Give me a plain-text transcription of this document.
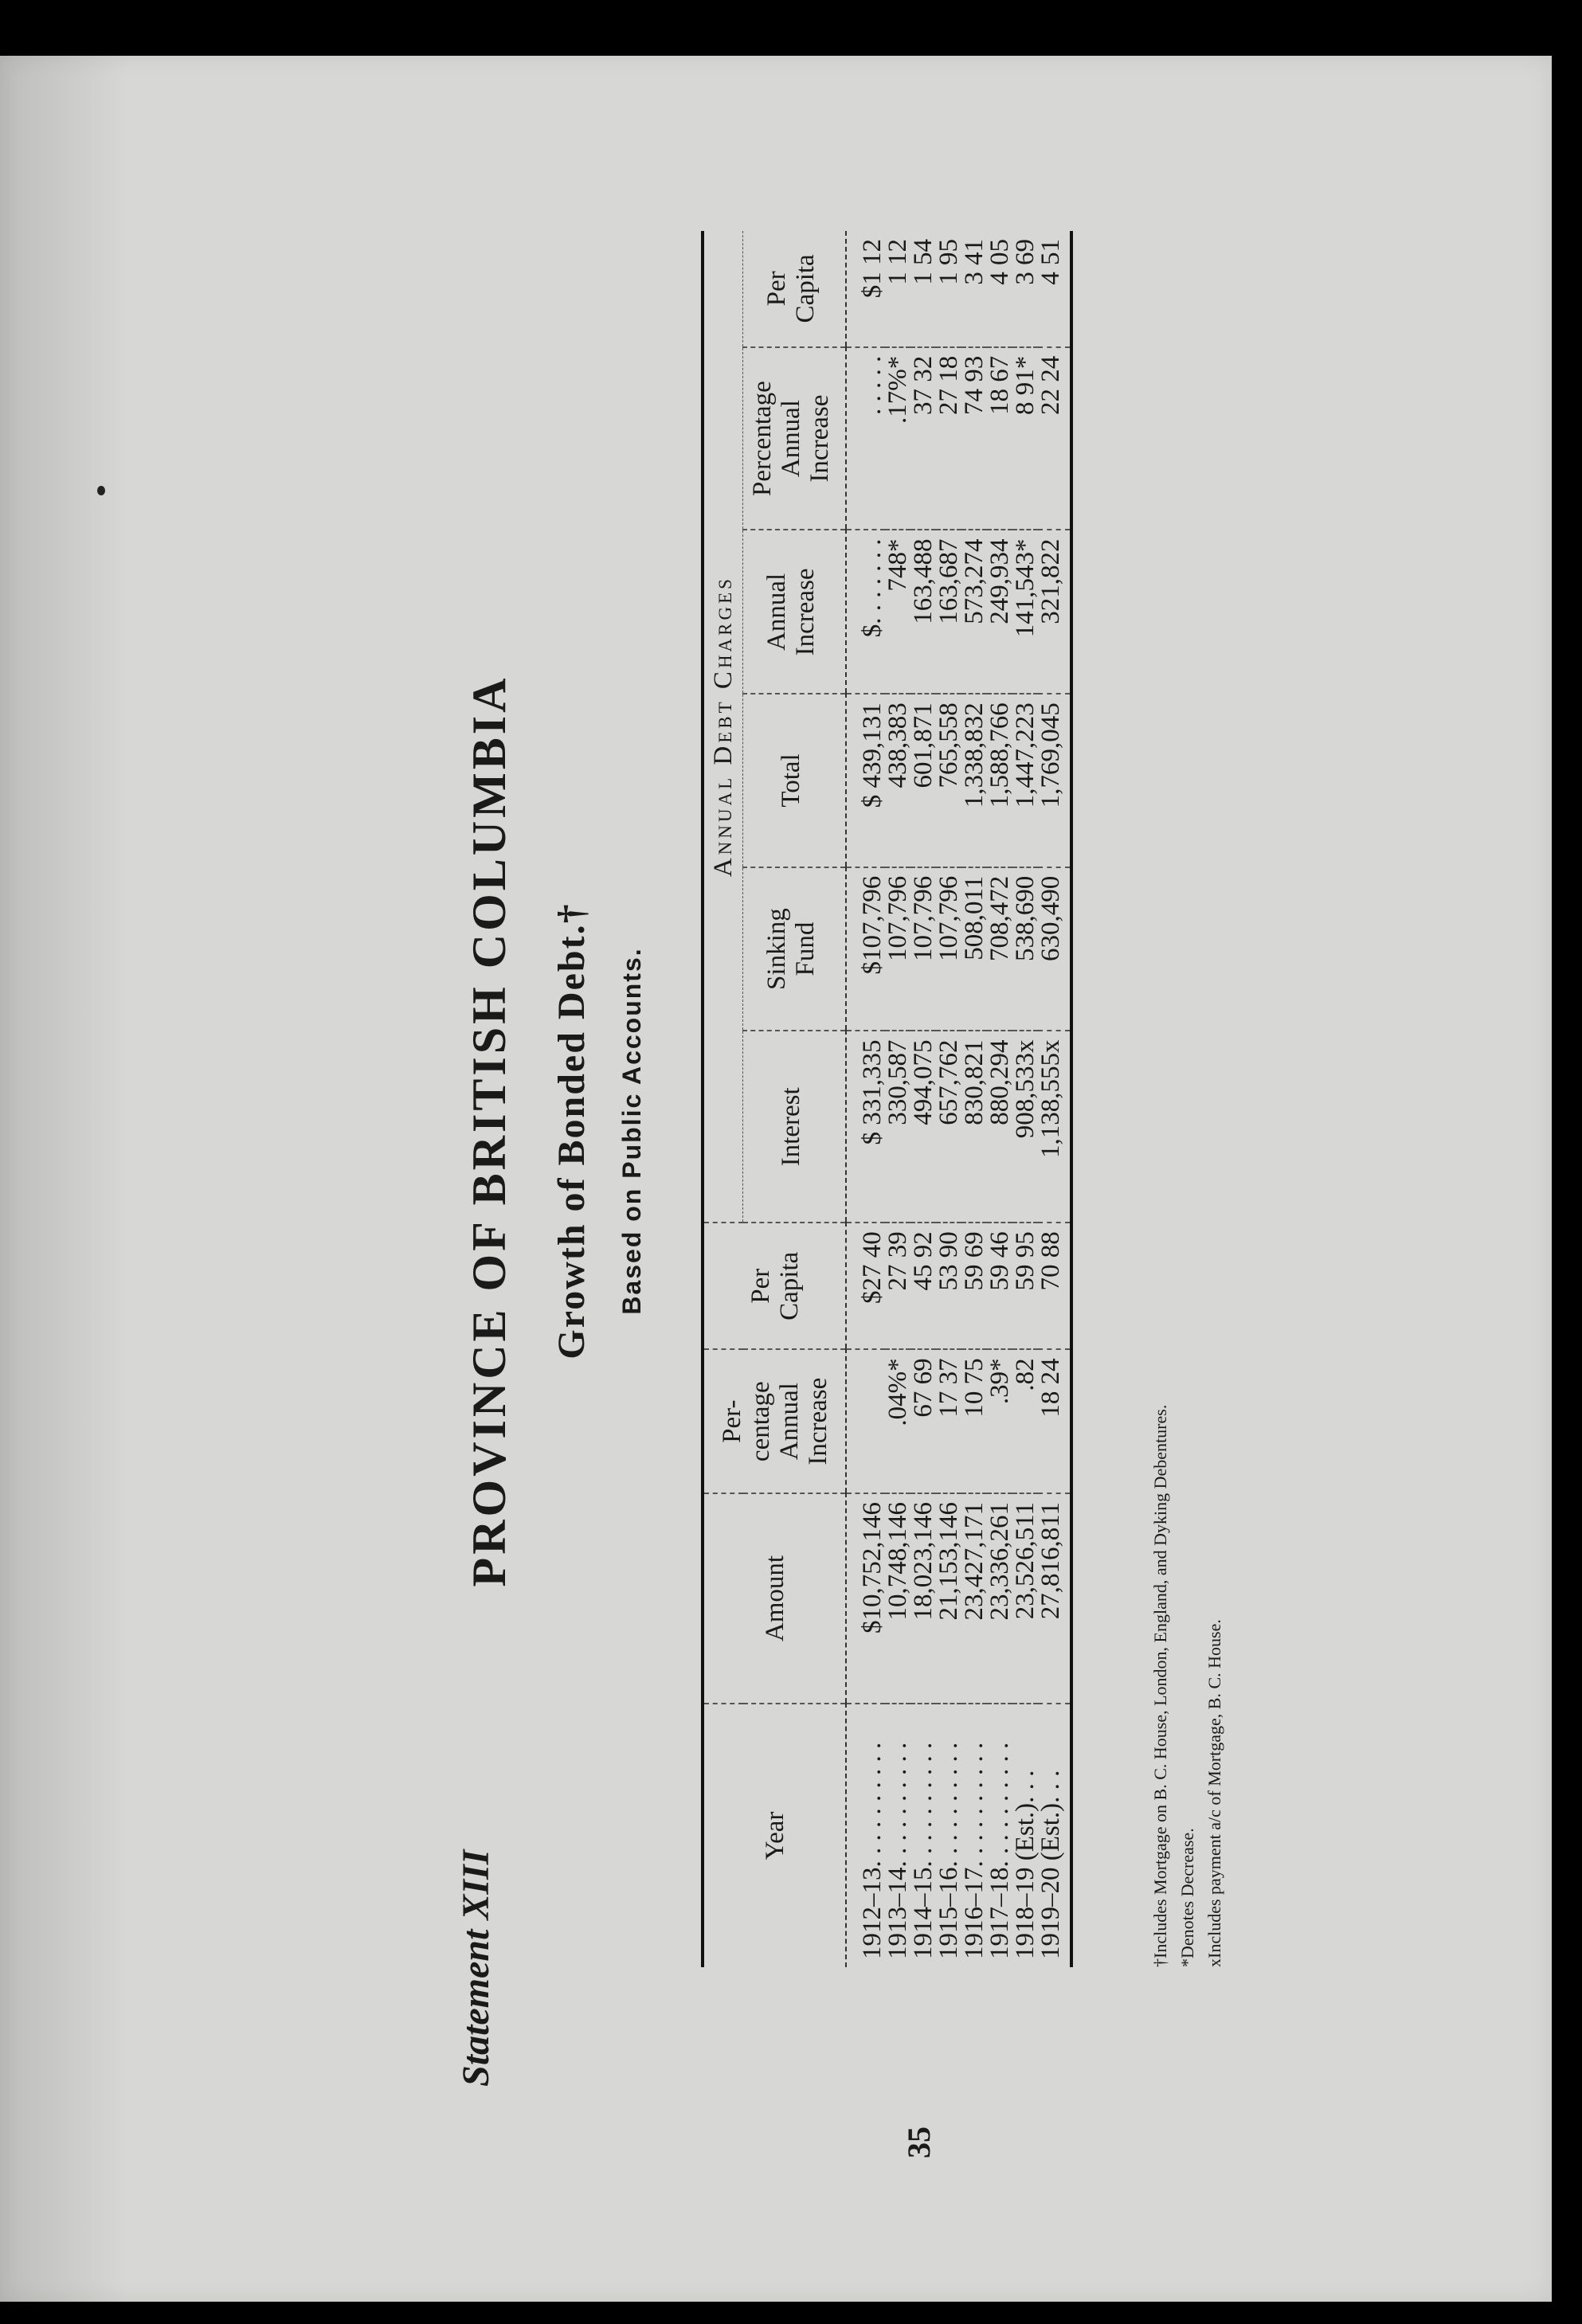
Statement XIII
PROVINCE OF BRITISH COLUMBIA Growth of Bonded Debt.† Based on Public Accounts.
35
Year	Amount	Per-
centage
Annual
Increase	Per
Capita	Annual Debt Charges					
				Interest	Sinking
Fund	Total	Annual
Increase	Percentage
Annual
Increase	Per
Capita
1912–13. . . . . . . . . .	$10,752,146		$27 40	$ 331,335	$107,796	$ 439,131	$. . . . . . .	. . . . .	$1 12
1913–14. . . . . . . . . .	10,748,146	.04%*	27 39	330,587	107,796	438,383	748*	.17%*	1 12
1914–15. . . . . . . . . .	18,023,146	67 69	45 92	494,075	107,796	601,871	163,488	37 32	1 54
1915–16. . . . . . . . . .	21,153,146	17 37	53 90	657,762	107,796	765,558	163,687	27 18	1 95
1916–17. . . . . . . . . .	23,427,171	10 75	59 69	830,821	508,011	1,338,832	573,274	74 93	3 41
1917–18. . . . . . . . . .	23,336,261	.39*	59 46	880,294	708,472	1,588,766	249,934	18 67	4 05
1918–19 (Est.). . .	23,526,511	.82	59 95	908,533x	538,690	1,447,223	141,543*	8 91*	3 69
1919–20 (Est.). . .	27,816,811	18 24	70 88	1,138,555x	630,490	1,769,045	321,822	22 24	4 51
†Includes Mortgage on B. C. House, London, England, and Dyking Debentures. *Denotes Decrease. xIncludes payment a/c of Mortgage, B. C. House.
